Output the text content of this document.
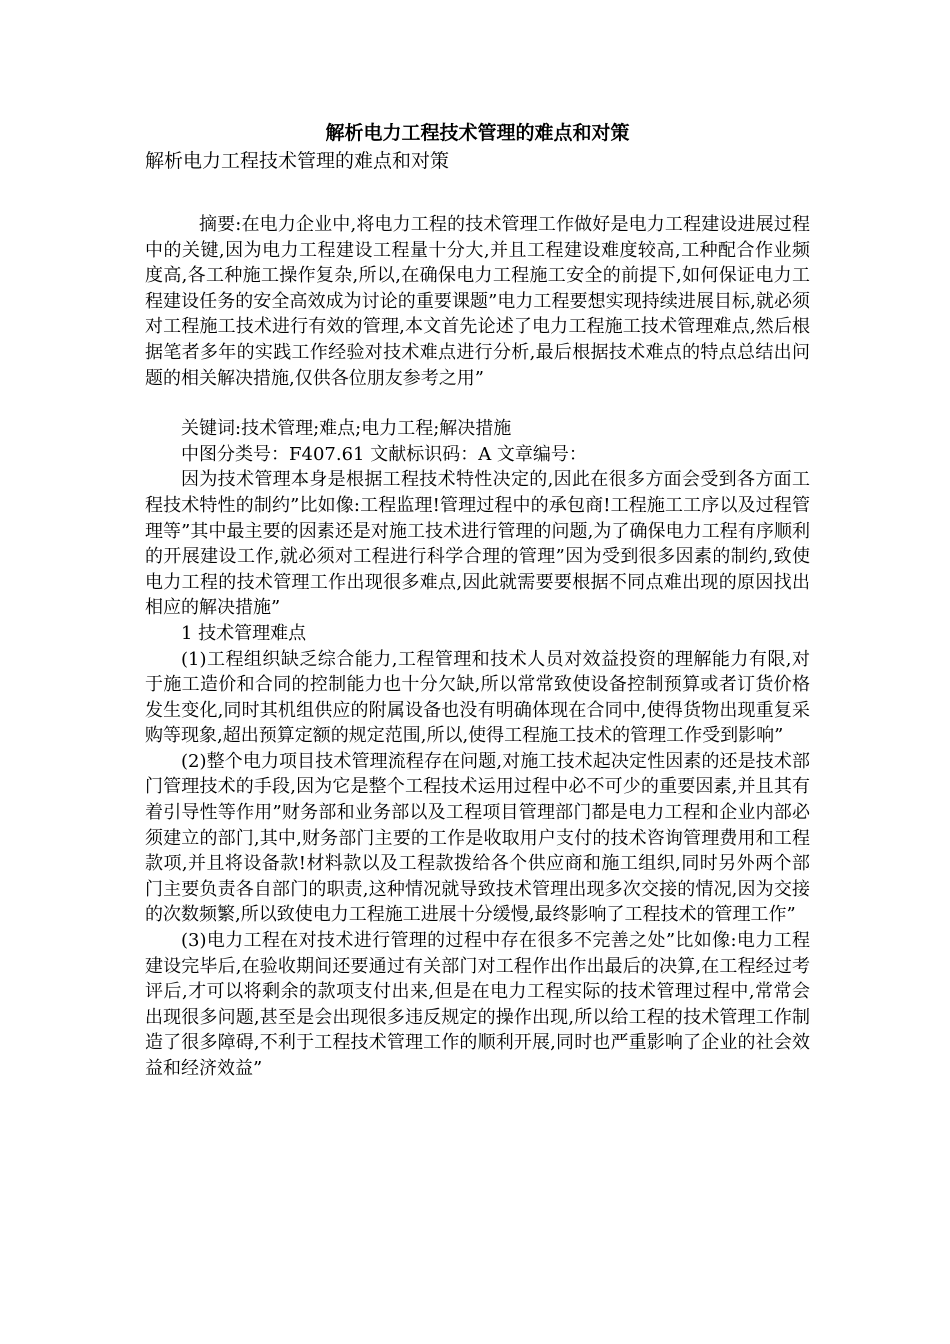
解析电力工程技术管理的难点和对策

解析电力工程技术管理的难点和对策

摘要:在电力企业中,将电力工程的技术管理工作做好是电力工程建设进展过程中的关键,因为电力工程建设工程量十分大,并且工程建设难度较高,工种配合作业频度高,各工种施工操作复杂,所以,在确保电力工程施工安全的前提下,如何保证电力工程建设任务的安全高效成为讨论的重要课题”电力工程要想实现持续进展目标,就必须对工程施工技术进行有效的管理,本文首先论述了电力工程施工技术管理难点,然后根据笔者多年的实践工作经验对技术难点进行分析,最后根据技术难点的特点总结出问题的相关解决措施,仅供各位朋友参考之用”

关键词:技术管理;难点;电力工程;解决措施

中图分类号：F407.61 文献标识码：A 文章编号：

因为技术管理本身是根据工程技术特性决定的,因此在很多方面会受到各方面工程技术特性的制约”比如像:工程监理!管理过程中的承包商!工程施工工序以及过程管理等”其中最主要的因素还是对施工技术进行管理的问题,为了确保电力工程有序顺利的开展建设工作,就必须对工程进行科学合理的管理”因为受到很多因素的制约,致使电力工程的技术管理工作出现很多难点,因此就需要要根据不同点难出现的原因找出相应的解决措施”

1 技术管理难点

(1)工程组织缺乏综合能力,工程管理和技术人员对效益投资的理解能力有限,对于施工造价和合同的控制能力也十分欠缺,所以常常致使设备控制预算或者订货价格发生变化,同时其机组供应的附属设备也没有明确体现在合同中,使得货物出现重复采购等现象,超出预算定额的规定范围,所以,使得工程施工技术的管理工作受到影响”

(2)整个电力项目技术管理流程存在问题,对施工技术起决定性因素的还是技术部门管理技术的手段,因为它是整个工程技术运用过程中必不可少的重要因素,并且其有着引导性等作用”财务部和业务部以及工程项目管理部门都是电力工程和企业内部必须建立的部门,其中,财务部门主要的工作是收取用户支付的技术咨询管理费用和工程款项,并且将设备款!材料款以及工程款拨给各个供应商和施工组织,同时另外两个部门主要负责各自部门的职责,这种情况就导致技术管理出现多次交接的情况,因为交接的次数频繁,所以致使电力工程施工进展十分缓慢,最终影响了工程技术的管理工作”

(3)电力工程在对技术进行管理的过程中存在很多不完善之处”比如像:电力工程建设完毕后,在验收期间还要通过有关部门对工程作出作出最后的决算,在工程经过考评后,才可以将剩余的款项支付出来,但是在电力工程实际的技术管理过程中,常常会出现很多问题,甚至是会出现很多违反规定的操作出现,所以给工程的技术管理工作制造了很多障碍,不利于工程技术管理工作的顺利开展,同时也严重影响了企业的社会效益和经济效益”
